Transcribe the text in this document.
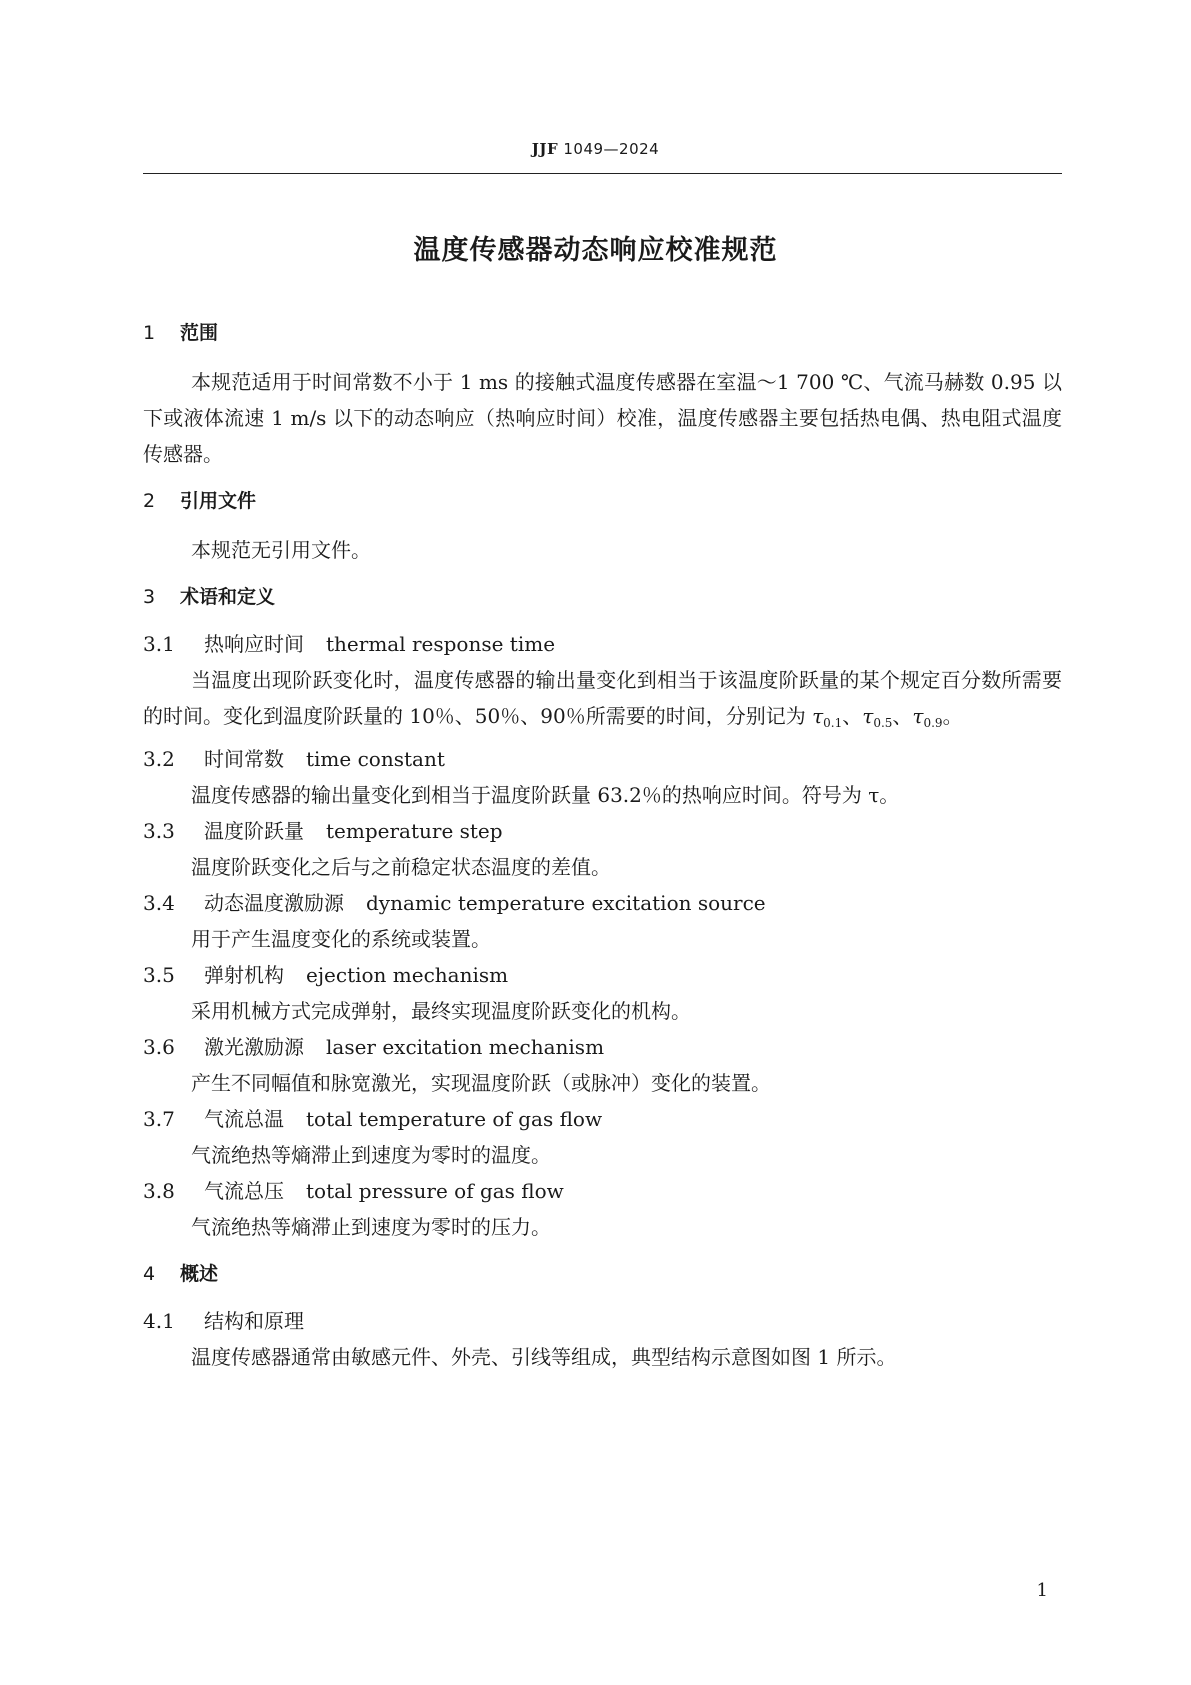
JJF 1049—2024
温度传感器动态响应校准规范
1 范围
本规范适用于时间常数不小于 1 ms 的接触式温度传感器在室温～1 700 ℃、气流马赫数 0.95 以下或液体流速 1 m/s 以下的动态响应（热响应时间）校准，温度传感器主要包括热电偶、热电阻式温度传感器。
2 引用文件
本规范无引用文件。
3 术语和定义
3.1 热响应时间 thermal response time
当温度出现阶跃变化时，温度传感器的输出量变化到相当于该温度阶跃量的某个规定百分数所需要的时间。变化到温度阶跃量的 10％、50％、90％所需要的时间，分别记为 $\tau_{0.1}$、$\tau_{0.5}$、$\tau_{0.9}$。
3.2 时间常数 time constant
温度传感器的输出量变化到相当于温度阶跃量 63.2％的热响应时间。符号为 τ。
3.3 温度阶跃量 temperature step
温度阶跃变化之后与之前稳定状态温度的差值。
3.4 动态温度激励源 dynamic temperature excitation source
用于产生温度变化的系统或装置。
3.5 弹射机构 ejection mechanism
采用机械方式完成弹射，最终实现温度阶跃变化的机构。
3.6 激光激励源 laser excitation mechanism
产生不同幅值和脉宽激光，实现温度阶跃（或脉冲）变化的装置。
3.7 气流总温 total temperature of gas flow
气流绝热等熵滞止到速度为零时的温度。
3.8 气流总压 total pressure of gas flow
气流绝热等熵滞止到速度为零时的压力。
4 概述
4.1 结构和原理
温度传感器通常由敏感元件、外壳、引线等组成，典型结构示意图如图 1 所示。
1
